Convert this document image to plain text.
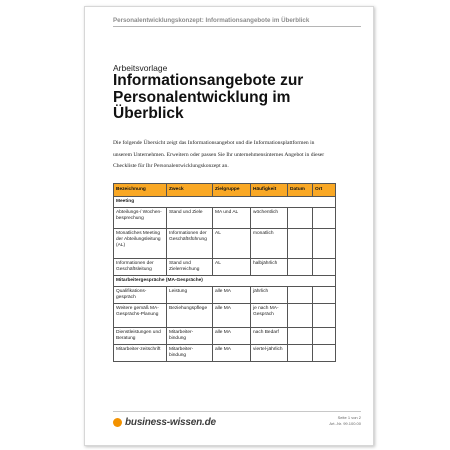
Personalentwicklungskonzept: Informationsangebote im Überblick
Arbeitsvorlage
Informationsangebote zur Personalentwicklung im Überblick
Die folgende Übersicht zeigt das Informationsangebot und die Informationsplattformen in unserem Unternehmen. Erweitern oder passen Sie Ihr unternehmensinternes Angebot in dieser Checkliste für Ihr Personalentwicklungskonzept an.
Bezeichnung	Zweck	Zielgruppe	Häufigkeit	Datum	Ort
Meeting					
Abteilungs-/ Wochen-besprechung	Stand und Ziele	MA und AL	wöchentlich		
Monatliches Meeting der Abteilungsleitung (AL)	Informationen der Geschäftsführung	AL	monatlich		
Informationen der Geschäftsleitung	Stand und Zielerreichung	AL	halbjährlich		
Mitarbeitergespräche (MA-Gespräche)					
Qualifikations-gespräch	Leistung	alle MA	jährlich		
Weitere gemäß MA-Gesprächs-Planung	Beziehungspflege	alle MA	je nach MA-Gespräch		
Dienstleistungen und Beratung	Mitarbeiter-bindung	alle MA	nach Bedarf		
Mitarbeiter-zeitschrift	Mitarbeiter-bindung	alle MA	viertel-jährlich		
business-wissen.de	Seite 1 von 2
Art.-Nr. 99.100.00
